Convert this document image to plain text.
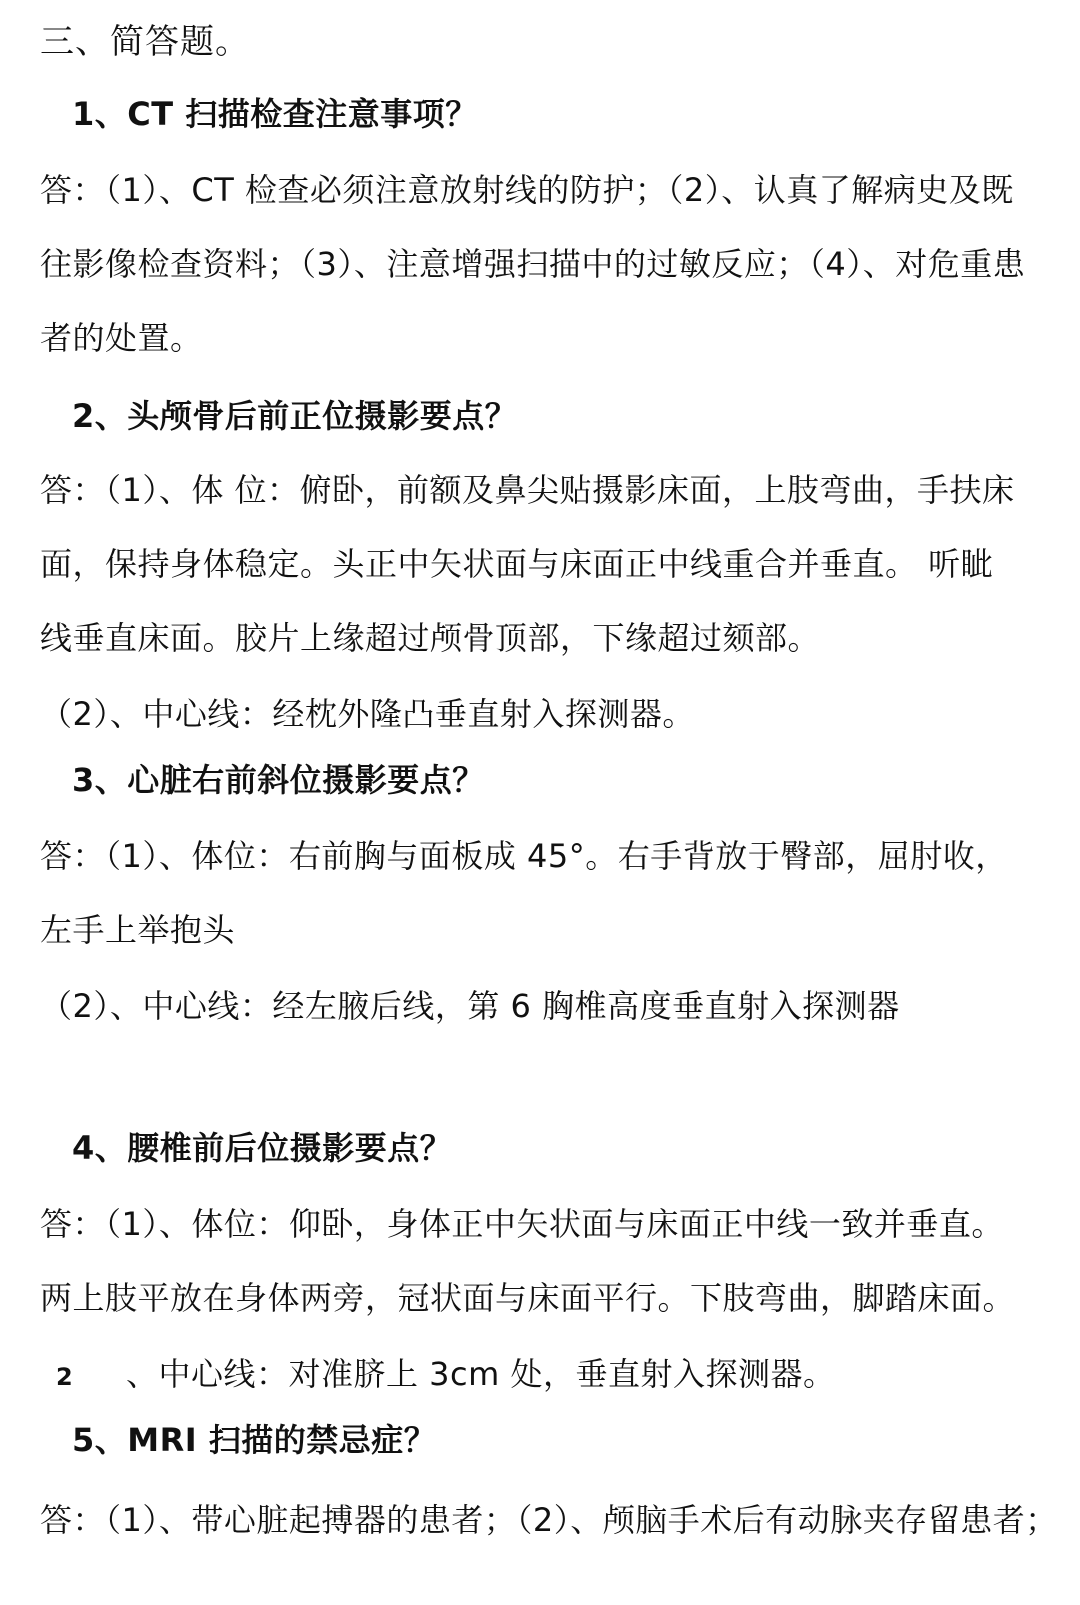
三、简答题。
1、CT 扫描检查注意事项？
答：（1）、CT 检查必须注意放射线的防护；（2）、认真了解病史及既
往影像检查资料；（3）、注意增强扫描中的过敏反应；（4）、对危重患
者的处置。
2、头颅骨后前正位摄影要点？
答：（1）、体 位：俯卧，前额及鼻尖贴摄影床面，上肢弯曲，手扶床
面，保持身体稳定。头正中矢状面与床面正中线重合并垂直。 听眦
线垂直床面。胶片上缘超过颅骨顶部，下缘超过颏部。
（2）、中心线：经枕外隆凸垂直射入探测器。
3、心脏右前斜位摄影要点？
答：（1）、体位：右前胸与面板成 45°。右手背放于臀部，屈肘收，
左手上举抱头
（2）、中心线：经左腋后线，第 6 胸椎高度垂直射入探测器
4、腰椎前后位摄影要点？
答：（1）、体位：仰卧，身体正中矢状面与床面正中线一致并垂直。
两上肢平放在身体两旁，冠状面与床面平行。下肢弯曲，脚踏床面。
2 、中心线：对准脐上 3cm 处，垂直射入探测器。
5、MRI 扫描的禁忌症？
答：（1）、带心脏起搏器的患者；（2）、颅脑手术后有动脉夹存留患者；
